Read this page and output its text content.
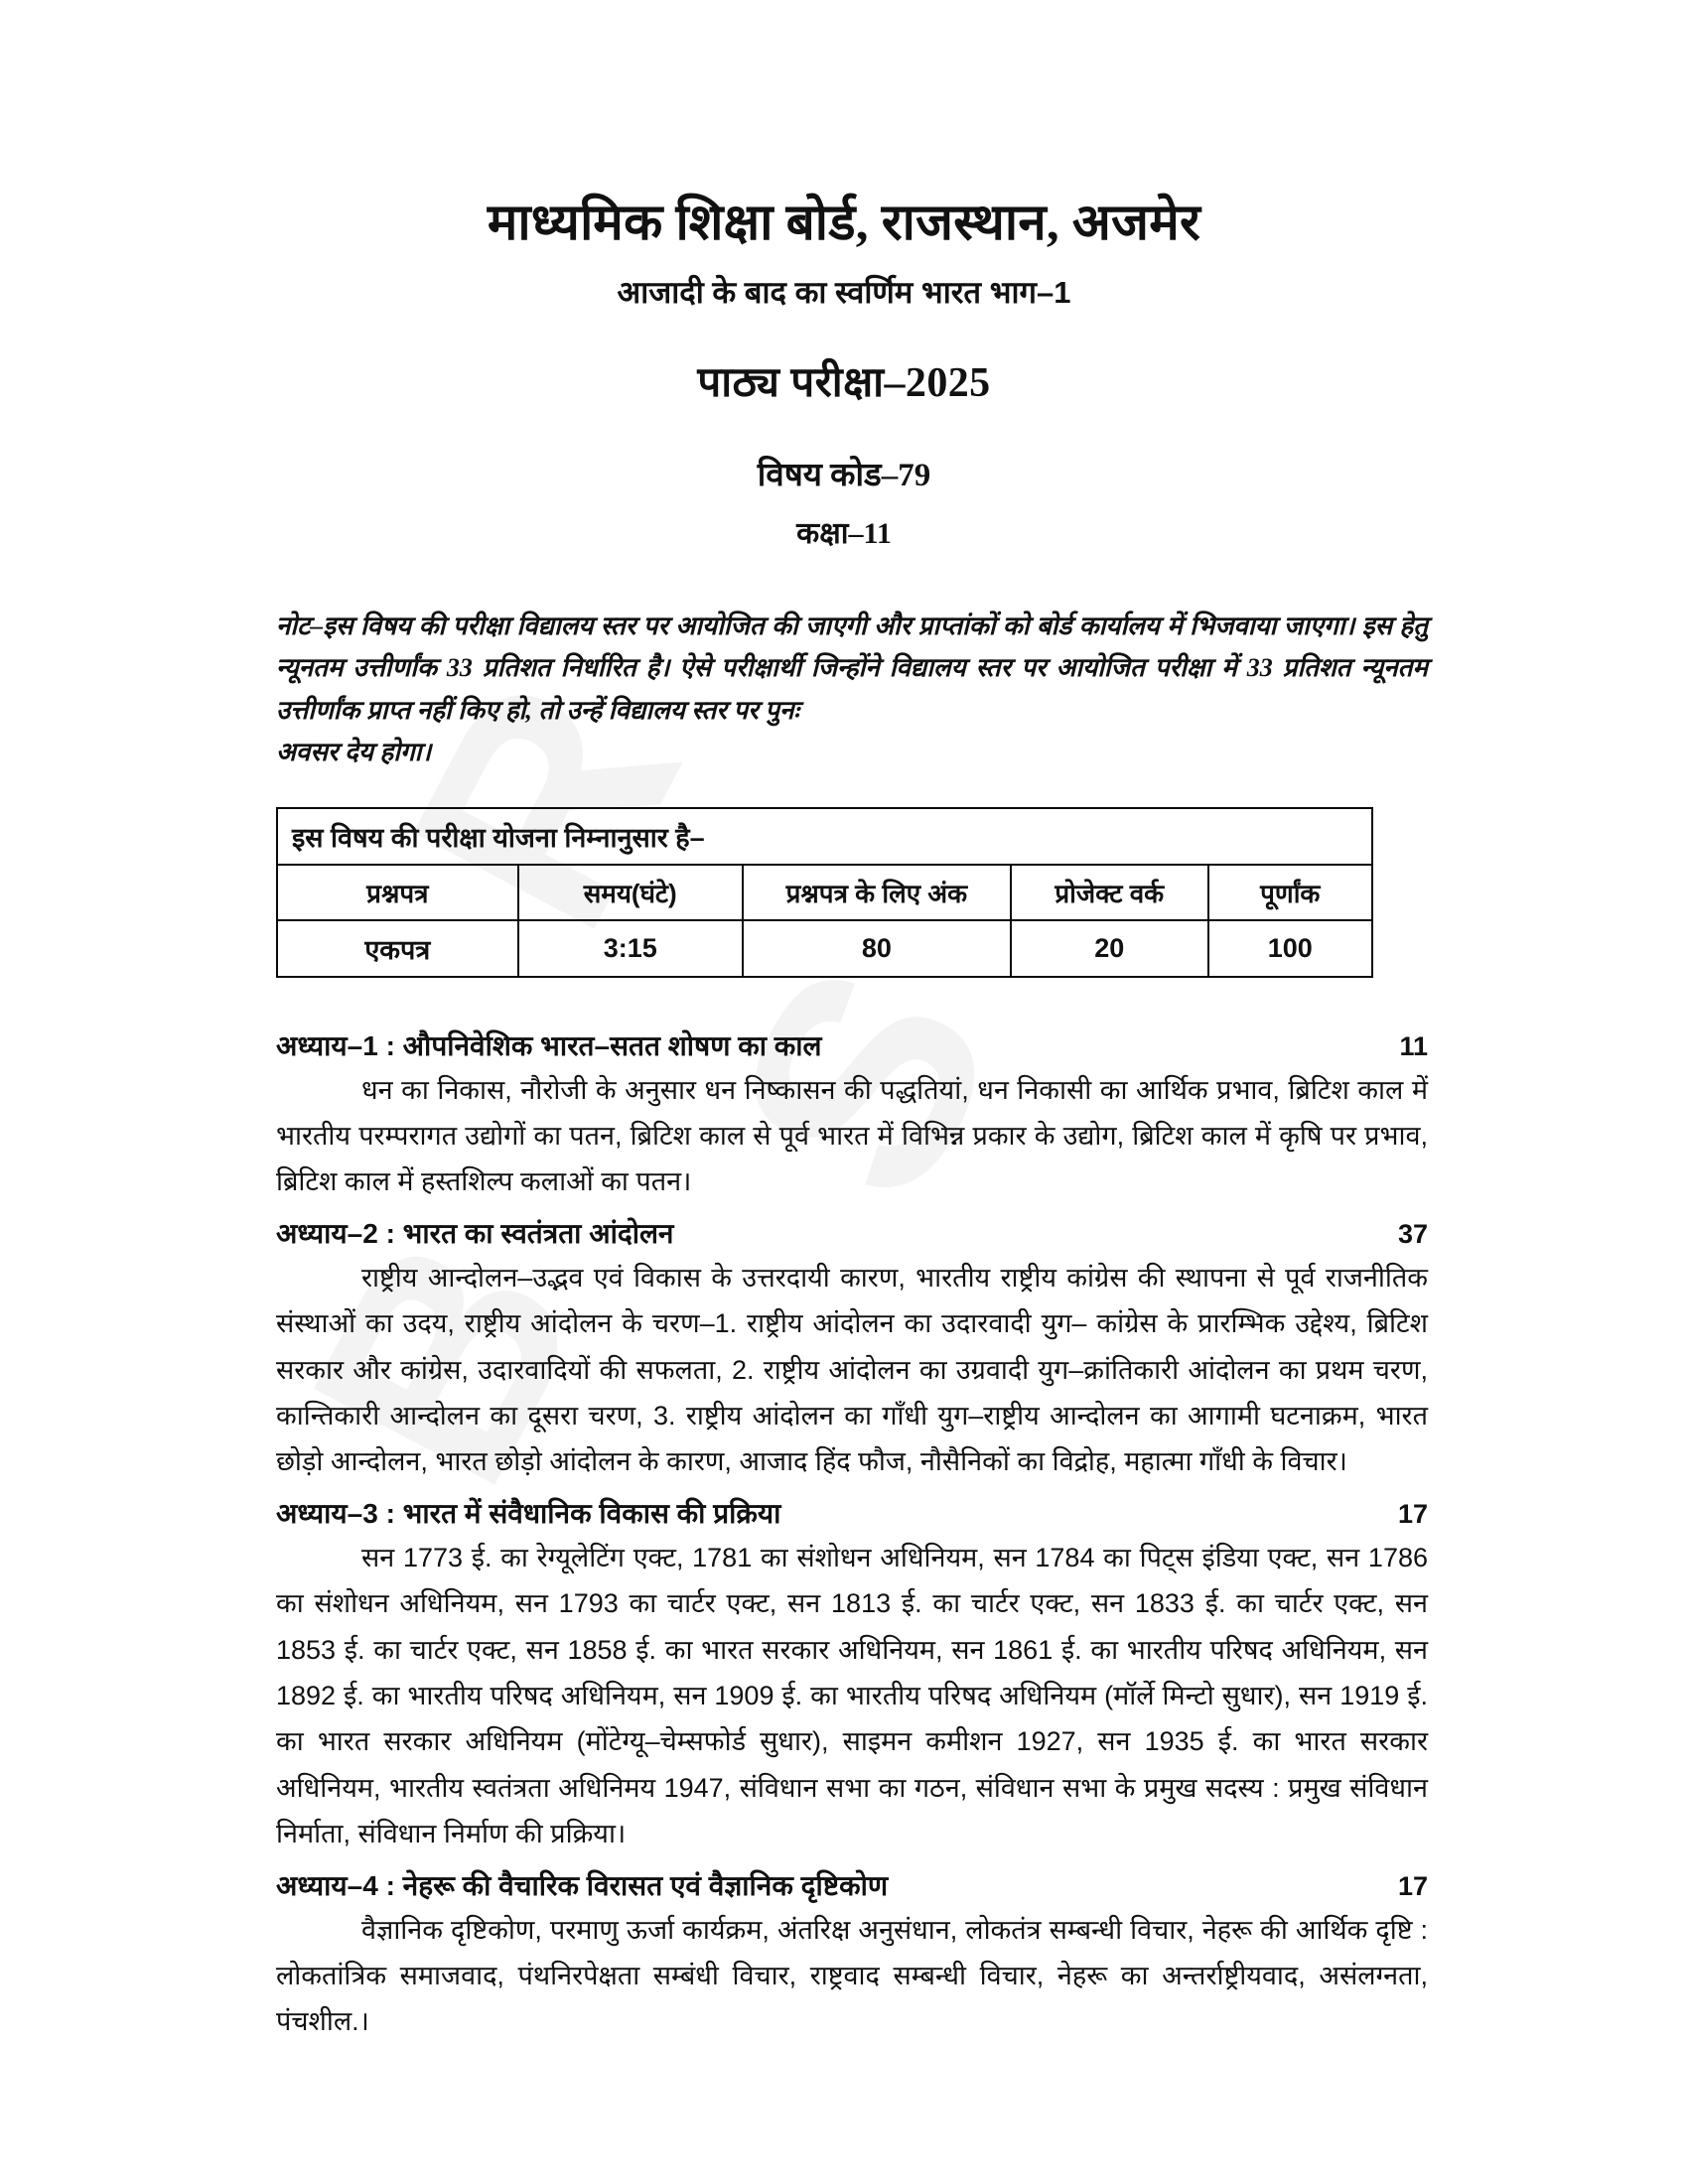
माध्यमिक शिक्षा बोर्ड, राजस्थान, अजमेर
आजादी के बाद का स्वर्णिम भारत भाग–1
पाठ्य परीक्षा–2025
विषय कोड–79
कक्षा–11
नोट–इस विषय की परीक्षा विद्यालय स्तर पर आयोजित की जाएगी और प्राप्तांकों को बोर्ड कार्यालय में भिजवाया जाएगा। इस हेतु न्यूनतम उत्तीर्णांक 33 प्रतिशत निर्धारित है। ऐसे परीक्षार्थी जिन्होंने विद्यालय स्तर पर आयोजित परीक्षा में 33 प्रतिशत न्यूनतम उत्तीर्णांक प्राप्त नहीं किए हो, तो उन्हें विद्यालय स्तर पर पुनः
अवसर देय होगा।
इस विषय की परीक्षा योजना निम्नानुसार है–				
प्रश्नपत्र	समय(घंटे)	प्रश्नपत्र के लिए अंक	प्रोजेक्ट वर्क	पूर्णांक
एकपत्र	3:15	80	20	100
अध्याय–1 : औपनिवेशिक भारत–सतत शोषण का काल	11
धन का निकास, नौरोजी के अनुसार धन निष्कासन की पद्धतियां, धन निकासी का आर्थिक प्रभाव, ब्रिटिश काल में भारतीय परम्परागत उद्योगों का पतन, ब्रिटिश काल से पूर्व भारत में विभिन्न प्रकार के उद्योग, ब्रिटिश काल में कृषि पर प्रभाव, ब्रिटिश काल में हस्तशिल्प कलाओं का पतन।
अध्याय–2 : भारत का स्वतंत्रता आंदोलन	37
राष्ट्रीय आन्दोलन–उद्भव एवं विकास के उत्तरदायी कारण, भारतीय राष्ट्रीय कांग्रेस की स्थापना से पूर्व राजनीतिक संस्थाओं का उदय, राष्ट्रीय आंदोलन के चरण–1. राष्ट्रीय आंदोलन का उदारवादी युग– कांग्रेस के प्रारम्भिक उद्देश्य, ब्रिटिश सरकार और कांग्रेस, उदारवादियों की सफलता, 2. राष्ट्रीय आंदोलन का उग्रवादी युग–क्रांतिकारी आंदोलन का प्रथम चरण, कान्तिकारी आन्दोलन का दूसरा चरण, 3. राष्ट्रीय आंदोलन का गाँधी युग–राष्ट्रीय आन्दोलन का आगामी घटनाक्रम, भारत छोड़ो आन्दोलन, भारत छोड़ो आंदोलन के कारण, आजाद हिंद फौज, नौसैनिकों का विद्रोह, महात्मा गाँधी के विचार।
अध्याय–3 : भारत में संवैधानिक विकास की प्रक्रिया	17
सन 1773 ई. का रेग्यूलेटिंग एक्ट, 1781 का संशोधन अधिनियम, सन 1784 का पिट्स इंडिया एक्ट, सन 1786 का संशोधन अधिनियम, सन 1793 का चार्टर एक्ट, सन 1813 ई. का चार्टर एक्ट, सन 1833 ई. का चार्टर एक्ट, सन 1853 ई. का चार्टर एक्ट, सन 1858 ई. का भारत सरकार अधिनियम, सन 1861 ई. का भारतीय परिषद अधिनियम, सन 1892 ई. का भारतीय परिषद अधिनियम, सन 1909 ई. का भारतीय परिषद अधिनियम (मॉर्ले मिन्टो सुधार), सन 1919 ई. का भारत सरकार अधिनियम (मोंटेग्यू–चेम्सफोर्ड सुधार), साइमन कमीशन 1927, सन 1935 ई. का भारत सरकार अधिनियम, भारतीय स्वतंत्रता अधिनिमय 1947, संविधान सभा का गठन, संविधान सभा के प्रमुख सदस्य : प्रमुख संविधान निर्माता, संविधान निर्माण की प्रक्रिया।
अध्याय–4 : नेहरू की वैचारिक विरासत एवं वैज्ञानिक दृष्टिकोण	17
वैज्ञानिक दृष्टिकोण, परमाणु ऊर्जा कार्यक्रम, अंतरिक्ष अनुसंधान, लोकतंत्र सम्बन्धी विचार, नेहरू की आर्थिक दृष्टि : लोकतांत्रिक समाजवाद, पंथनिरपेक्षता सम्बंधी विचार, राष्ट्रवाद सम्बन्धी विचार, नेहरू का अन्तर्राष्ट्रीयवाद, असंलग्नता, पंचशील.।
